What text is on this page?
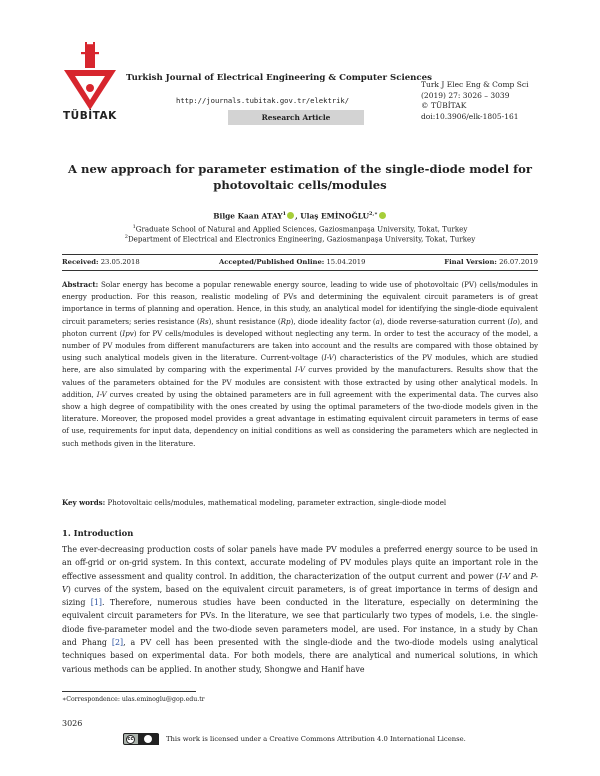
TÜBİTAK
Turkish Journal of Electrical Engineering & Computer Sciences
http://journals.tubitak.gov.tr/elektrik/
Research Article
Turk J Elec Eng & Comp Sci
(2019) 27: 3026 – 3039
© TÜBİTAK
doi:10.3906/elk-1805-161
A new approach for parameter estimation of the single-diode model for
photovoltaic cells/modules
Bilge Kaan ATAY$^1$ , Ulaş $EMİNOĞLU^{2,∗}$
$^1$Graduate School of Natural and Applied Sciences, Gaziosmanpaşa University, Tokat, Turkey
$^2$Department of Electrical and Electronics Engineering, Gaziosmanpaşa University, Tokat, Turkey
Received: 23.05.2018	Accepted/Published Online: 15.04.2019	Final Version: 26.07.2019
Abstract: Solar energy has become a popular renewable energy source, leading to wide use of photovoltaic (PV) cells/modules in energy production. For this reason, realistic modeling of PVs and determining the equivalent circuit parameters is of great importance in terms of planning and operation. Hence, in this study, an analytical model for identifying the single-diode equivalent circuit parameters; series resistance (Rs), shunt resistance (Rp), diode ideality factor (a), diode reverse-saturation current (Io), and photon current (Ipv) for PV cells/modules is developed without neglecting any term. In order to test the accuracy of the model, a number of PV modules from different manufacturers are taken into account and the results are compared with those obtained by using such analytical models given in the literature. Current-voltage (I-V) characteristics of the PV modules, which are studied here, are also simulated by comparing with the experimental I-V curves provided by the manufacturers. Results show that the values of the parameters obtained for the PV modules are consistent with those extracted by using other analytical models. In addition, I-V curves created by using the obtained parameters are in full agreement with the experimental data. The curves also show a high degree of compatibility with the ones created by using the optimal parameters of the two-diode models given in the literature. Moreover, the proposed model provides a great advantage in estimating equivalent circuit parameters in terms of ease of use, requirements for input data, dependency on initial conditions as well as considering the parameters which are neglected in such methods given in the literature.
Key words: Photovoltaic cells/modules, mathematical modeling, parameter extraction, single-diode model
1. Introduction
The ever-decreasing production costs of solar panels have made PV modules a preferred energy source to be used in an off-grid or on-grid system. In this context, accurate modeling of PV modules plays quite an important role in the effective assessment and quality control. In addition, the characterization of the output current and power (I-V and P-V) curves of the system, based on the equivalent circuit parameters, is of great importance in terms of design and sizing [1]. Therefore, numerous studies have been conducted in the literature, especially on determining the equivalent circuit parameters for PVs. In the literature, we see that particularly two types of models, i.e. the single-diode five-parameter model and the two-diode seven parameters model, are used. For instance, in a study by Chan and Phang [2], a PV cell has been presented with the single-diode and the two-diode models using analytical techniques based on experimental data. For both models, there are analytical and numerical solutions, in which various methods can be applied. In another study, Shongwe and Hanif have
∗Correspondence: ulas.eminoglu@gop.edu.tr
3026
cc	This work is licensed under a Creative Commons Attribution 4.0 International License.
